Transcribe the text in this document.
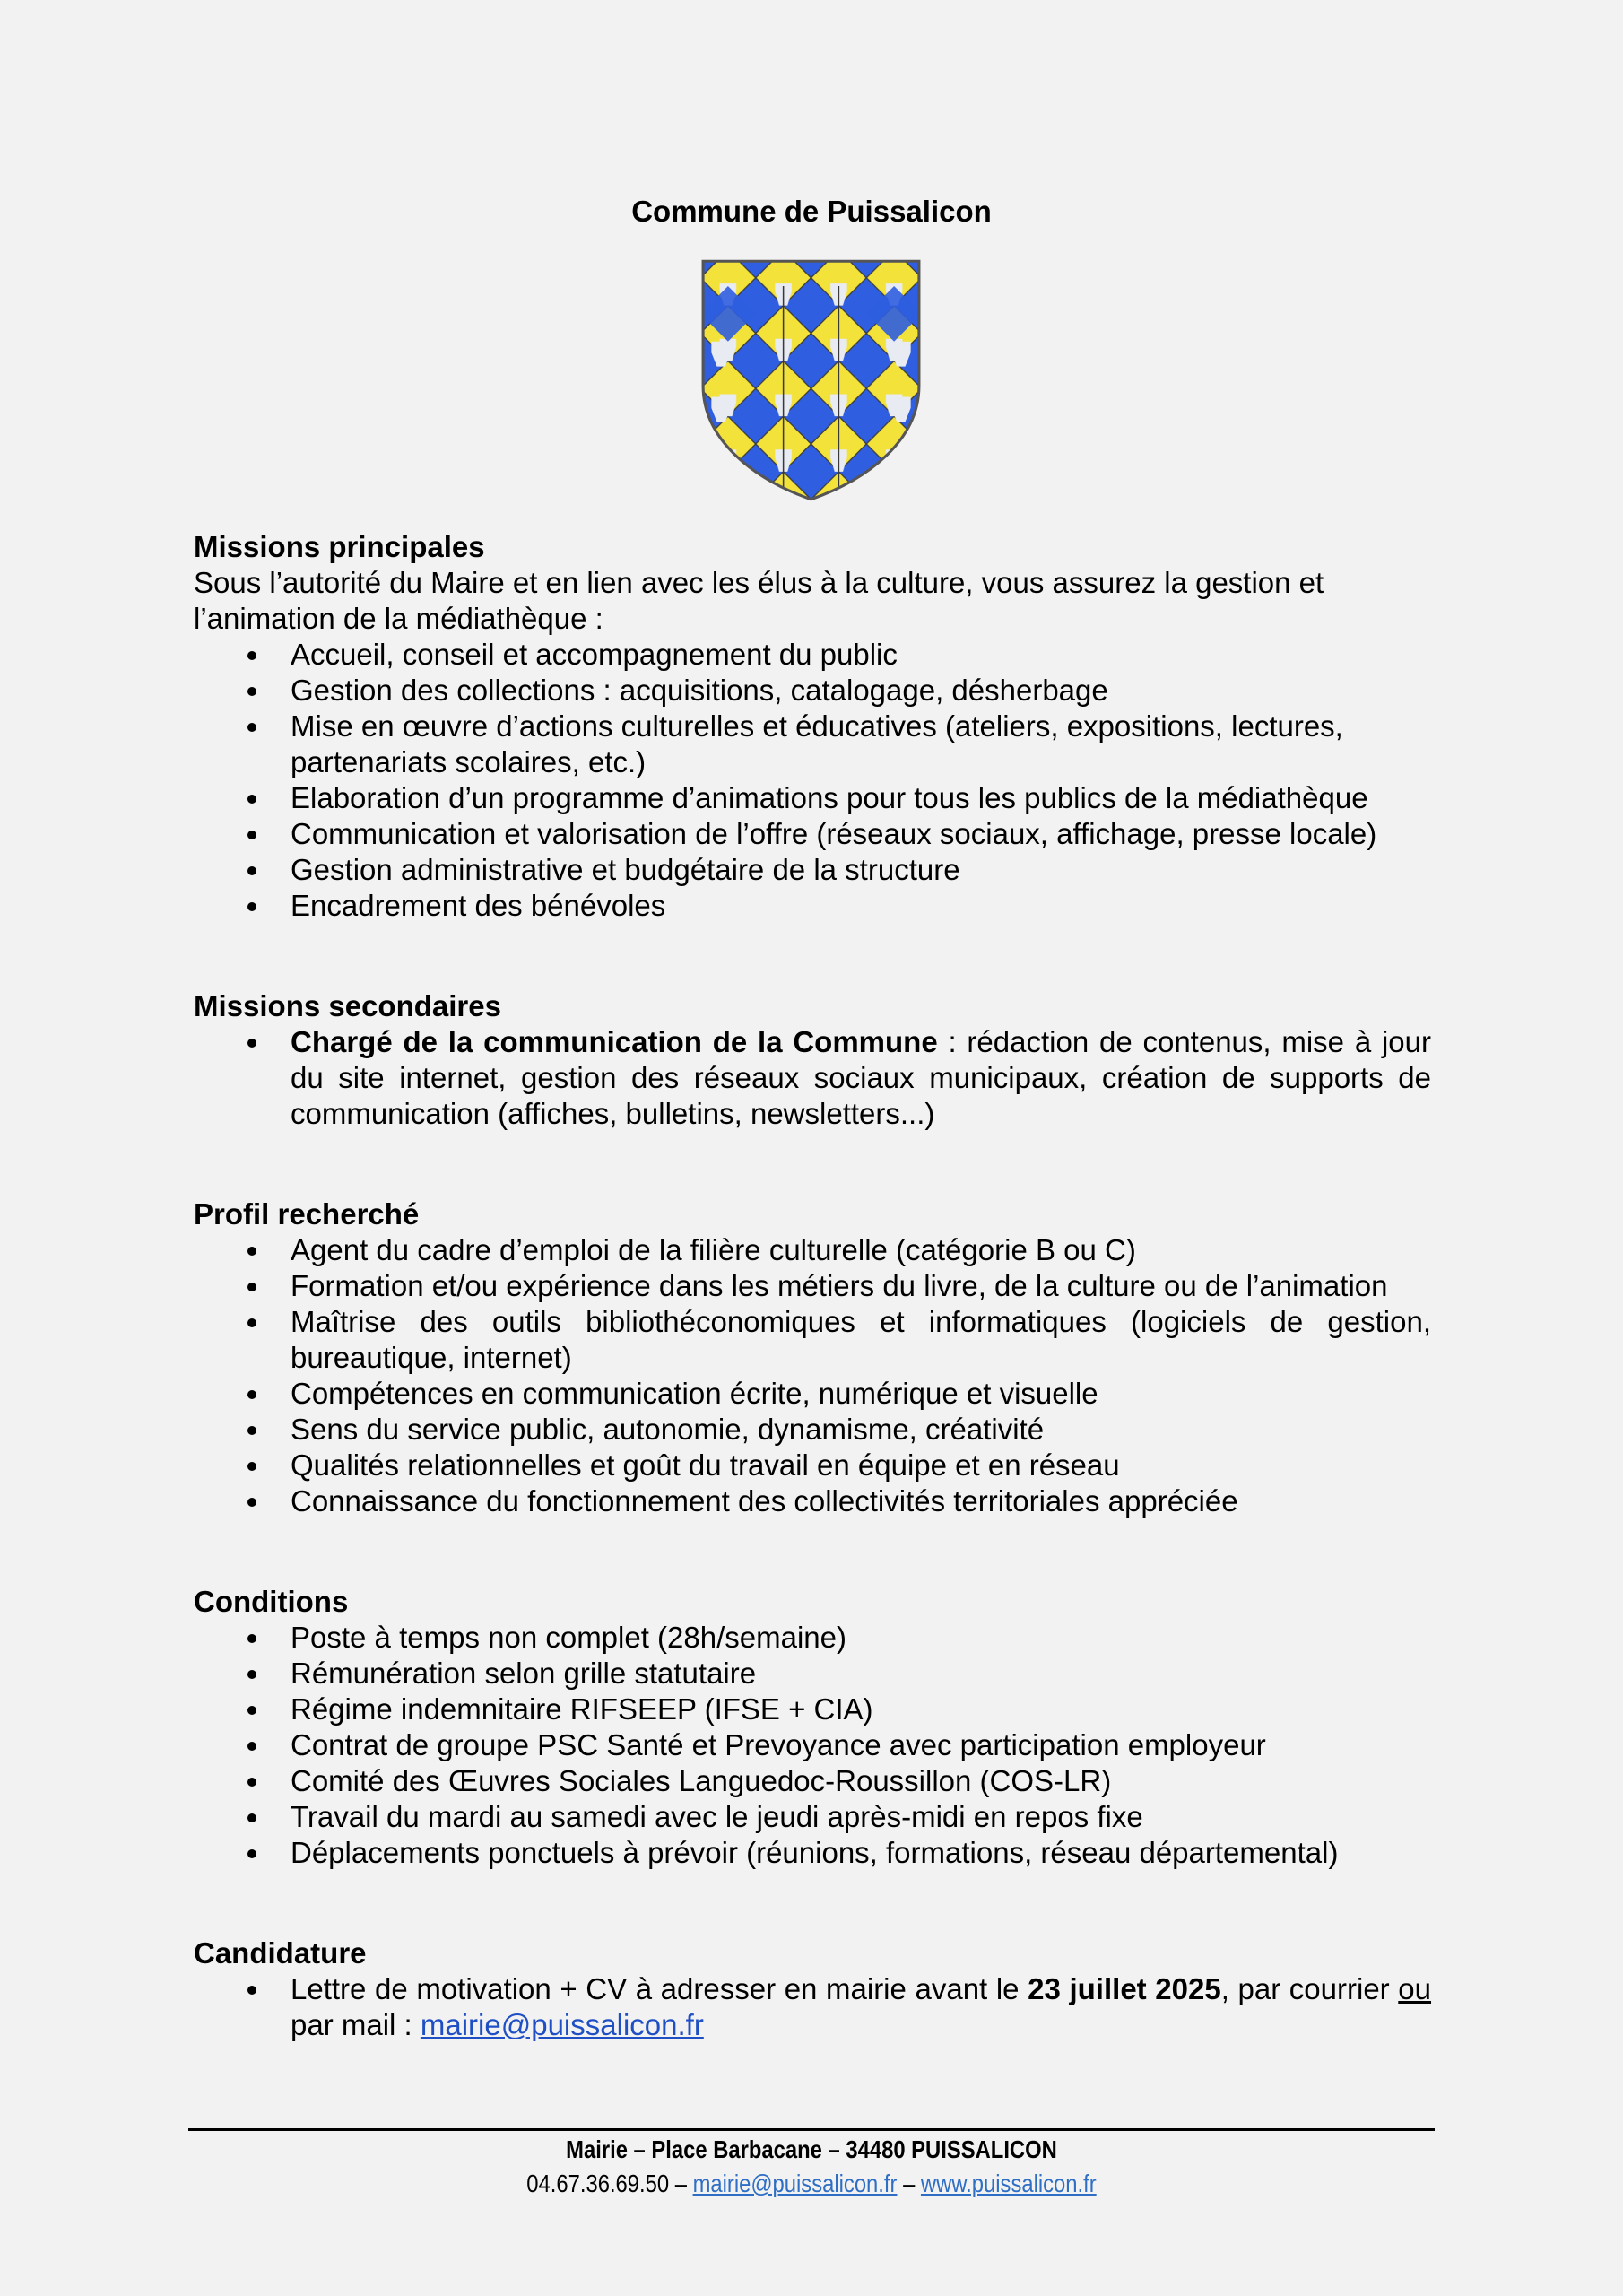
Commune de Puissalicon
Missions principales
Sous l’autorité du Maire et en lien avec les élus à la culture, vous assurez la gestion et l’animation de la médiathèque :
Accueil, conseil et accompagnement du public
Gestion des collections : acquisitions, catalogage, désherbage
Mise en œuvre d’actions culturelles et éducatives (ateliers, expositions, lectures, partenariats scolaires, etc.)
Elaboration d’un programme d’animations pour tous les publics de la médiathèque
Communication et valorisation de l’offre (réseaux sociaux, affichage, presse locale)
Gestion administrative et budgétaire de la structure
Encadrement des bénévoles
Missions secondaires
Chargé de la communication de la Commune : rédaction de contenus, mise à jour du site internet, gestion des réseaux sociaux municipaux, création de supports de communication (affiches, bulletins, newsletters...)
Profil recherché
Agent du cadre d’emploi de la filière culturelle (catégorie B ou C)
Formation et/ou expérience dans les métiers du livre, de la culture ou de l’animation
Maîtrise des outils bibliothéconomiques et informatiques (logiciels de gestion, bureautique, internet)
Compétences en communication écrite, numérique et visuelle
Sens du service public, autonomie, dynamisme, créativité
Qualités relationnelles et goût du travail en équipe et en réseau
Connaissance du fonctionnement des collectivités territoriales appréciée
Conditions
Poste à temps non complet (28h/semaine)
Rémunération selon grille statutaire
Régime indemnitaire RIFSEEP (IFSE + CIA)
Contrat de groupe PSC Santé et Prevoyance avec participation employeur
Comité des Œuvres Sociales Languedoc-Roussillon (COS-LR)
Travail du mardi au samedi avec le jeudi après-midi en repos fixe
Déplacements ponctuels à prévoir (réunions, formations, réseau départemental)
Candidature
Lettre de motivation + CV à adresser en mairie avant le 23 juillet 2025, par courrier ou par mail : mairie@puissalicon.fr
Mairie – Place Barbacane – 34480 PUISSALICON
04.67.36.69.50 – mairie@puissalicon.fr – www.puissalicon.fr
